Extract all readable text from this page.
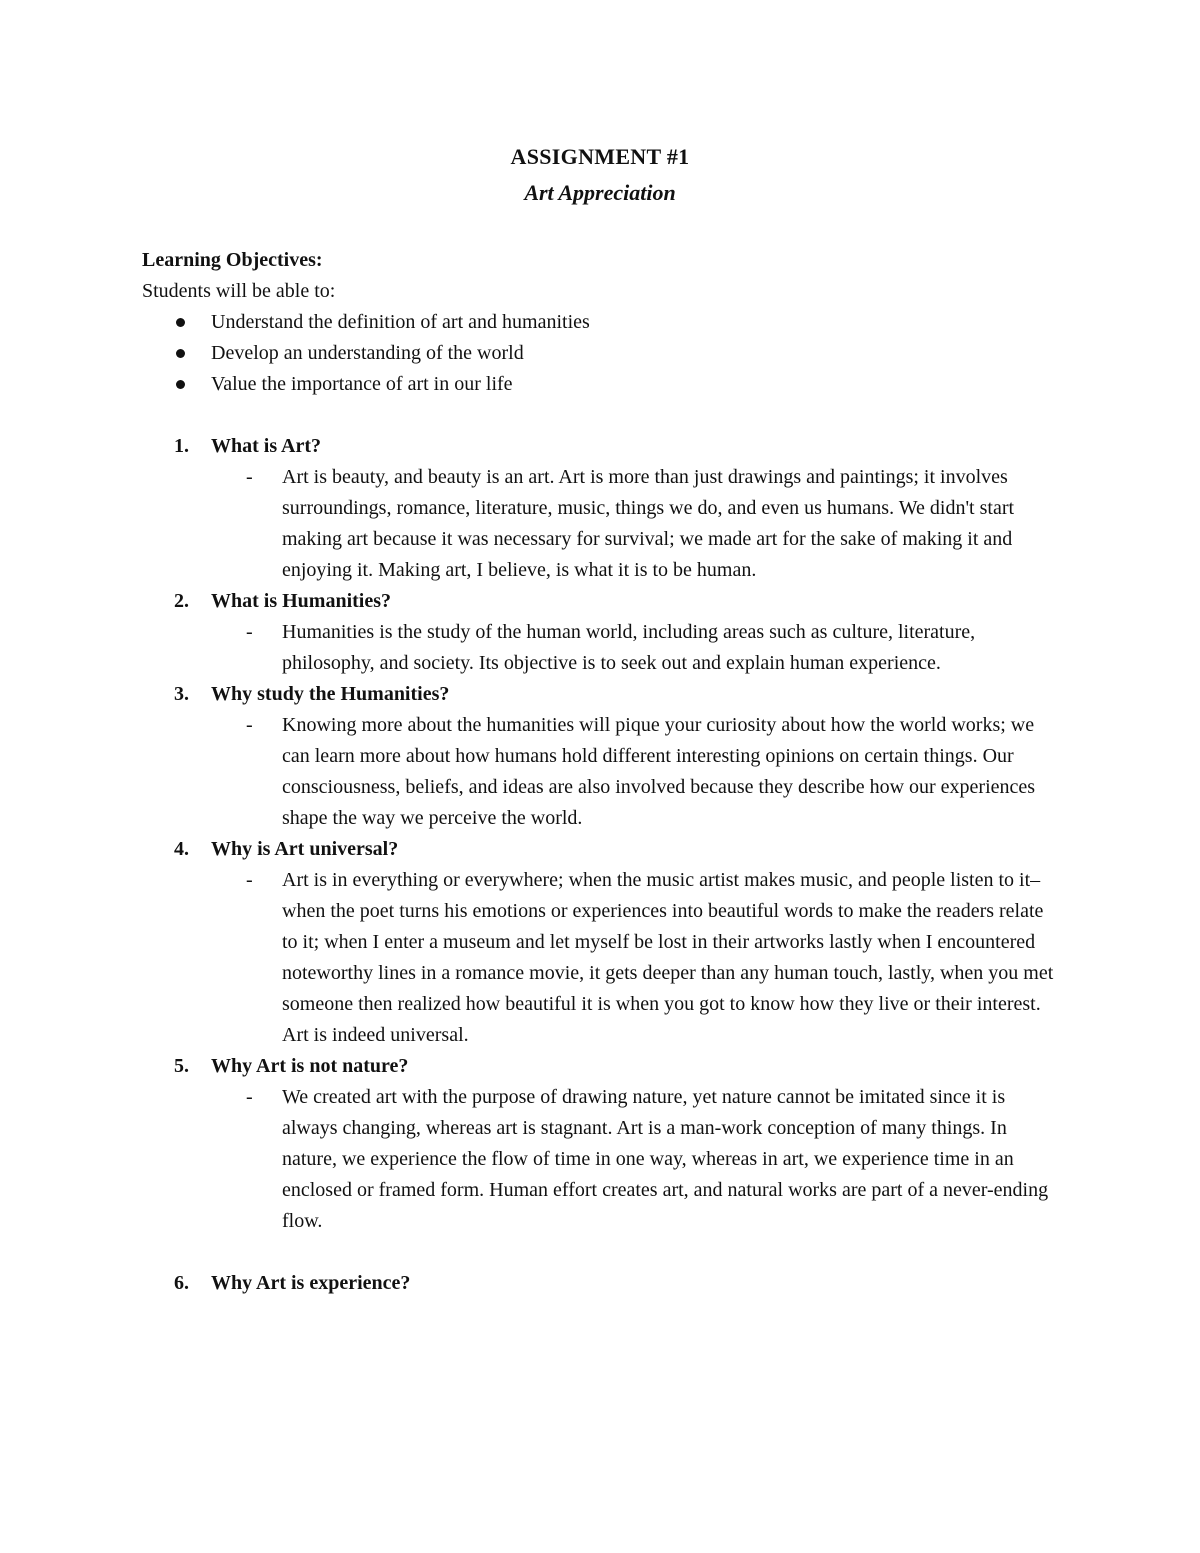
ASSIGNMENT #1
Art Appreciation
Learning Objectives:
Students will be able to:
Understand the definition of art and humanities
Develop an understanding of the world
Value the importance of art in our life
1. What is Art?
- Art is beauty, and beauty is an art. Art is more than just drawings and paintings; it involves surroundings, romance, literature, music, things we do, and even us humans. We didn't start making art because it was necessary for survival; we made art for the sake of making it and enjoying it. Making art, I believe, is what it is to be human.
2. What is Humanities?
- Humanities is the study of the human world, including areas such as culture, literature, philosophy, and society. Its objective is to seek out and explain human experience.
3. Why study the Humanities?
- Knowing more about the humanities will pique your curiosity about how the world works; we can learn more about how humans hold different interesting opinions on certain things. Our consciousness, beliefs, and ideas are also involved because they describe how our experiences shape the way we perceive the world.
4. Why is Art universal?
- Art is in everything or everywhere; when the music artist makes music, and people listen to it–when the poet turns his emotions or experiences into beautiful words to make the readers relate to it; when I enter a museum and let myself be lost in their artworks lastly when I encountered noteworthy lines in a romance movie, it gets deeper than any human touch, lastly, when you met someone then realized how beautiful it is when you got to know how they live or their interest. Art is indeed universal.
5. Why Art is not nature?
- We created art with the purpose of drawing nature, yet nature cannot be imitated since it is always changing, whereas art is stagnant. Art is a man-work conception of many things. In nature, we experience the flow of time in one way, whereas in art, we experience time in an enclosed or framed form. Human effort creates art, and natural works are part of a never-ending flow.
6. Why Art is experience?
